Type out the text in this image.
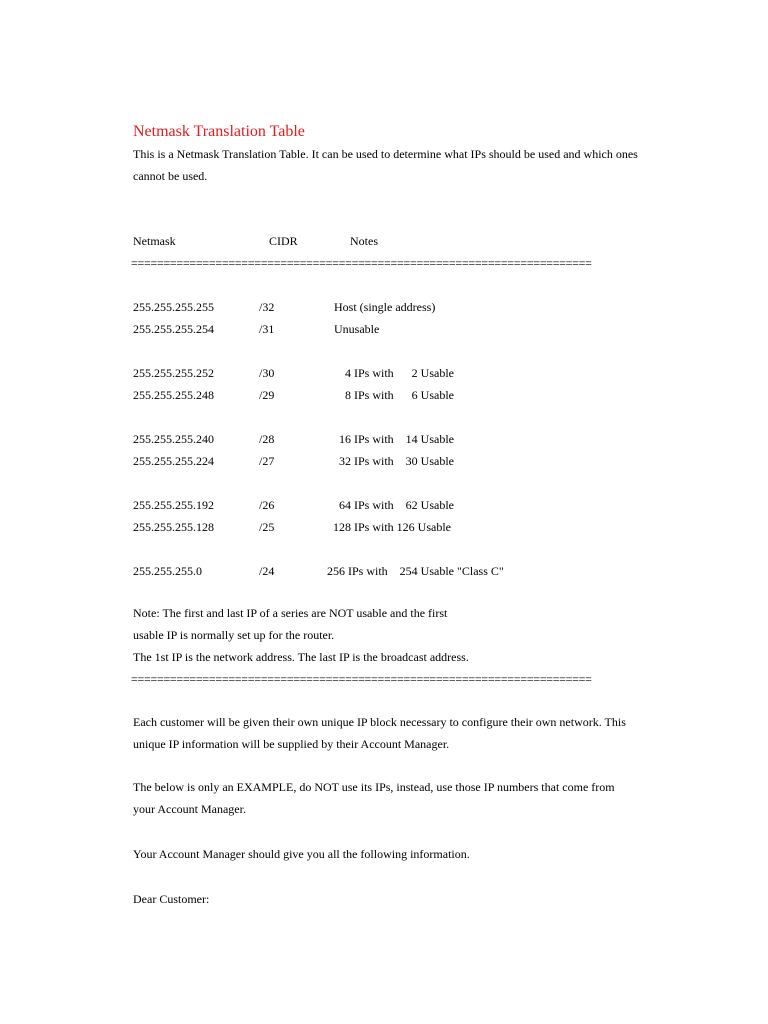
Netmask Translation Table
This is a Netmask Translation Table. It can be used to determine what IPs should be used and which ones cannot be used.
Netmask	CIDR	Notes
=======================================================================
255.255.255.255	/32	Host (single address)
255.255.255.254	/31	Unusable
255.255.255.252	/30	4 IPs with      2 Usable
255.255.255.248	/29	8 IPs with      6 Usable
255.255.255.240	/28	16 IPs with    14 Usable
255.255.255.224	/27	32 IPs with    30 Usable
255.255.255.192	/26	64 IPs with    62 Usable
255.255.255.128	/25	128 IPs with 126 Usable
255.255.255.0	/24	256 IPs with    254 Usable "Class C"
Note: The first and last IP of a series are NOT usable and the first
usable IP is normally set up for the router.
The 1st IP is the network address. The last IP is the broadcast address.
=======================================================================
Each customer will be given their own unique IP block necessary to configure their own network. This unique IP information will be supplied by their Account Manager.
The below is only an EXAMPLE, do NOT use its IPs, instead, use those IP numbers that come from your Account Manager.
Your Account Manager should give you all the following information.
Dear Customer:
